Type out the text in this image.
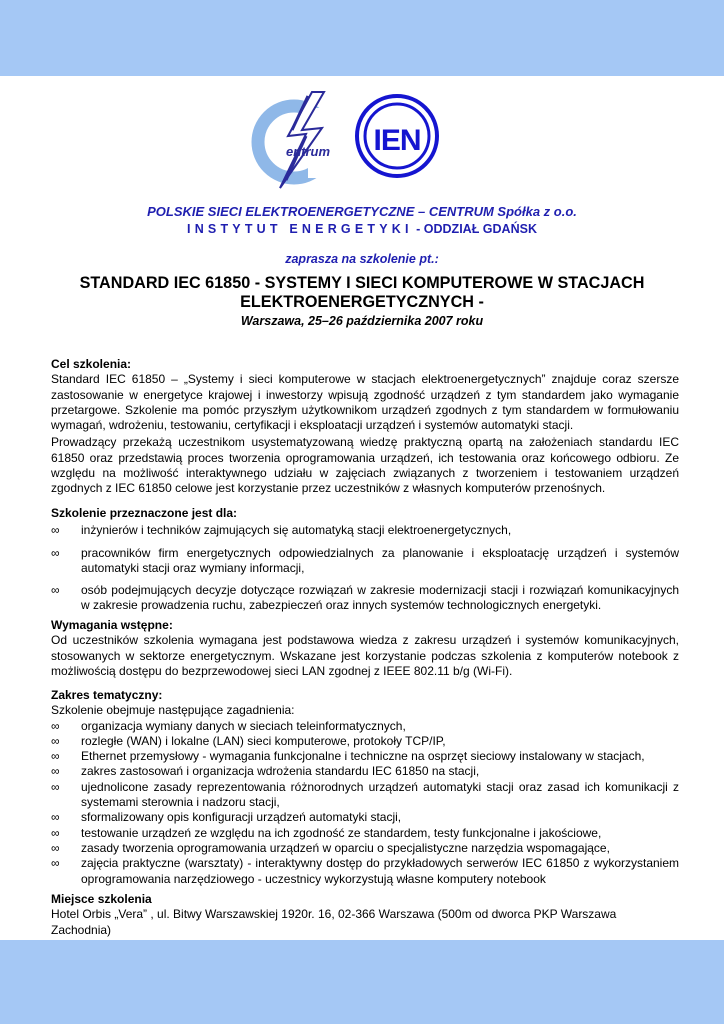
entrum IEN
POLSKIE SIECI ELEKTROENERGETYCZNE – CENTRUM Spółka z o.o.
INSTYTUT ENERGETYKI - ODDZIAŁ GDAŃSK
zaprasza na szkolenie pt.:
STANDARD IEC 61850 - SYSTEMY I SIECI KOMPUTEROWE W STACJACH
ELEKTROENERGETYCZNYCH -
Warszawa, 25–26 października 2007 roku
Cel szkolenia:

Standard IEC 61850 – „Systemy i sieci komputerowe w stacjach elektroenergetycznych” znajduje coraz szersze zastosowanie w energetyce krajowej i inwestorzy wpisują zgodność urządzeń z tym standardem jako wymaganie przetargowe. Szkolenie ma pomóc przyszłym użytkownikom urządzeń zgodnych z tym standardem w formułowaniu wymagań, wdrożeniu, testowaniu, certyfikacji i eksploatacji urządzeń i systemów automatyki stacji.

Prowadzący przekażą uczestnikom usystematyzowaną wiedzę praktyczną opartą na założeniach standardu IEC 61850 oraz przedstawią proces tworzenia oprogramowania urządzeń, ich testowania oraz końcowego odbioru. Ze względu na możliwość interaktywnego udziału w zajęciach związanych z tworzeniem i testowaniem urządzeń zgodnych z IEC 61850 celowe jest korzystanie przez uczestników z własnych komputerów przenośnych.

Szkolenie przeznaczone jest dla:
∞	inżynierów i techników zajmujących się automatyką stacji elektroenergetycznych,
∞	pracowników firm energetycznych odpowiedzialnych za planowanie i eksploatację urządzeń i systemów automatyki stacji oraz wymiany informacji,
∞	osób podejmujących decyzje dotyczące rozwiązań w zakresie modernizacji stacji i rozwiązań komunikacyjnych w zakresie prowadzenia ruchu, zabezpieczeń oraz innych systemów technologicznych energetyki.
Wymagania wstępne:

Od uczestników szkolenia wymagana jest podstawowa wiedza z zakresu urządzeń i systemów komunikacyjnych, stosowanych w sektorze energetycznym. Wskazane jest korzystanie podczas szkolenia z komputerów notebook z możliwością dostępu do bezprzewodowej sieci LAN zgodnej z IEEE 802.11 b/g (Wi-Fi).

Zakres tematyczny:
Szkolenie obejmuje następujące zagadnienia:
∞	organizacja wymiany danych w sieciach teleinformatycznych,
∞	rozległe (WAN) i lokalne (LAN) sieci komputerowe, protokoły TCP/IP,
∞	Ethernet przemysłowy - wymagania funkcjonalne i techniczne na osprzęt sieciowy instalowany w stacjach,
∞	zakres zastosowań i organizacja wdrożenia standardu IEC 61850 na stacji,
∞	ujednolicone zasady reprezentowania różnorodnych urządzeń automatyki stacji oraz zasad ich komunikacji z systemami sterownia i nadzoru stacji,
∞	sformalizowany opis konfiguracji urządzeń automatyki stacji,
∞	testowanie urządzeń ze względu na ich zgodność ze standardem, testy funkcjonalne i jakościowe,
∞	zasady tworzenia oprogramowania urządzeń w oparciu o specjalistyczne narzędzia wspomagające,
∞	zajęcia praktyczne (warsztaty) - interaktywny dostęp do przykładowych serwerów IEC 61850 z wykorzystaniem oprogramowania narzędziowego - uczestnicy wykorzystują własne komputery notebook
Miejsce szkolenia
Hotel Orbis „Vera” , ul. Bitwy Warszawskiej 1920r. 16, 02-366 Warszawa (500m od dworca PKP Warszawa Zachodnia)
